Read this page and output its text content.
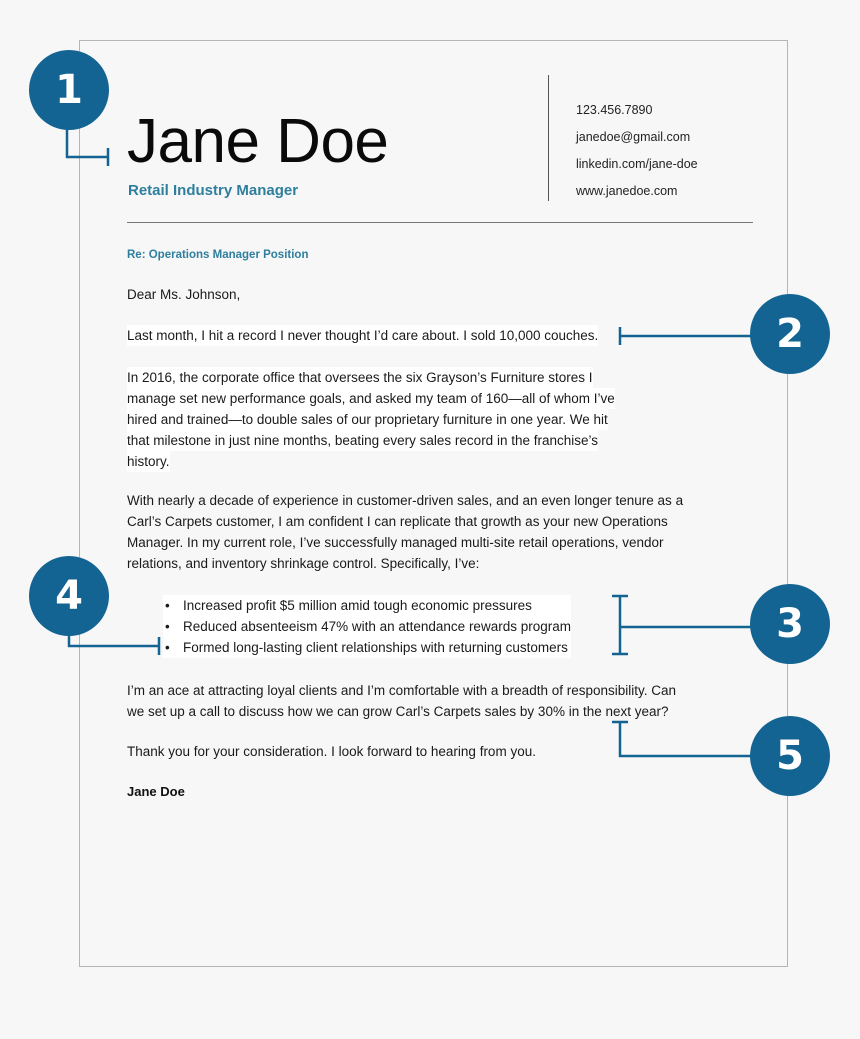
Jane Doe

Retail Industry Manager

123.456.7890
janedoe@gmail.com
linkedin.com/jane-doe
www.janedoe.com

Re: Operations Manager Position

Dear Ms. Johnson,

Last month, I hit a record I never thought I’d care about. I sold 10,000 couches.

In 2016, the corporate office that oversees the six Grayson’s Furniture stores I
manage set new performance goals, and asked my team of 160—all of whom I’ve
hired and trained—to double sales of our proprietary furniture in one year. We hit
that milestone in just nine months, beating every sales record in the franchise’s
history.

With nearly a decade of experience in customer-driven sales, and an even longer tenure as a Carl’s Carpets customer, I am confident I can replicate that growth as your new Operations Manager. In my current role, I’ve successfully managed multi-site retail operations, vendor relations, and inventory shrinkage control. Specifically, I’ve:

• Increased profit $5 million amid tough economic pressures
• Reduced absenteeism 47% with an attendance rewards program
• Formed long-lasting client relationships with returning customers

I’m an ace at attracting loyal clients and I’m comfortable with a breadth of responsibility. Can we set up a call to discuss how we can grow Carl’s Carpets sales by 30% in the next year?

Thank you for your consideration. I look forward to hearing from you.

Jane Doe

1
2
3
4
5
